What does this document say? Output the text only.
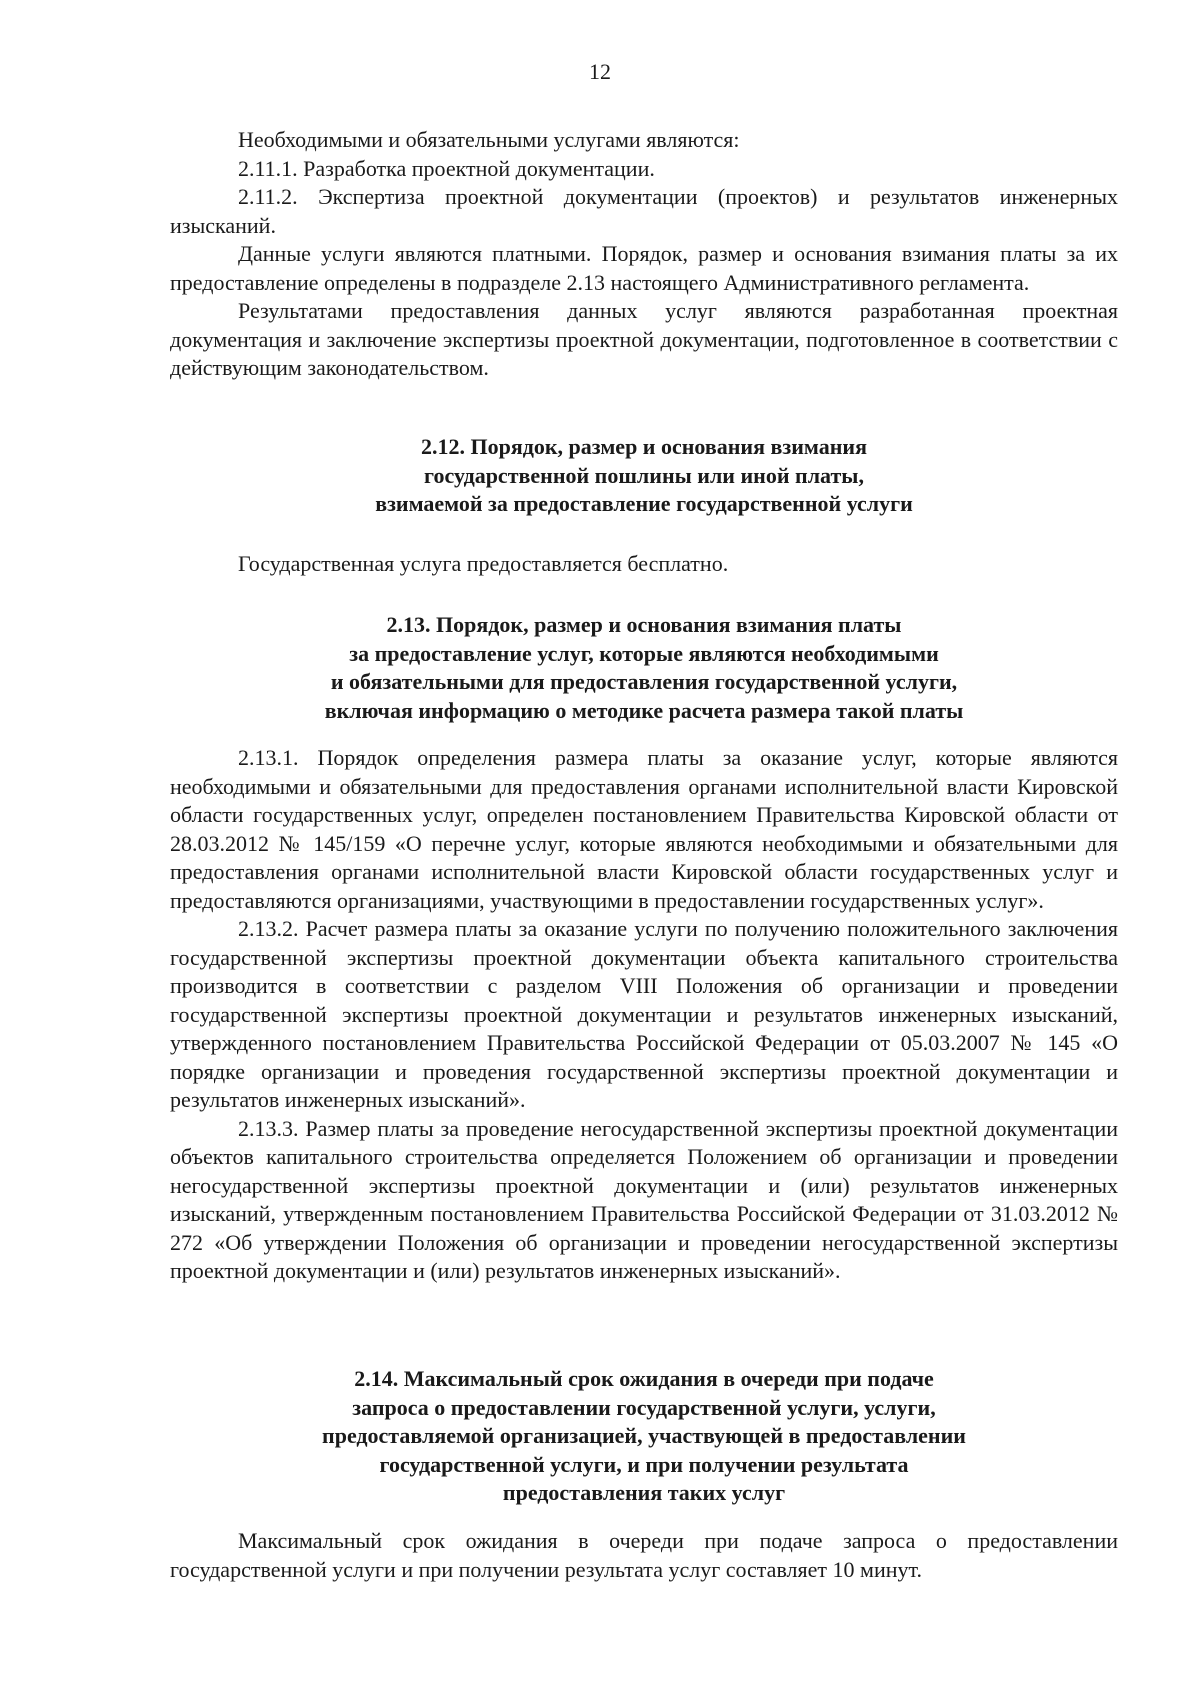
12

Необходимыми и обязательными услугами являются:

2.11.1. Разработка проектной документации.

2.11.2. Экспертиза проектной документации (проектов) и результатов инженерных изысканий.

Данные услуги являются платными. Порядок, размер и основания взимания платы за их предоставление определены в подразделе 2.13 настоящего Административного регламента.

Результатами предоставления данных услуг являются разработанная проектная документация и заключение экспертизы проектной документации, подготовленное в соответствии с действующим законодательством.

2.12. Порядок, размер и основания взимания
государственной пошлины или иной платы,
взимаемой за предоставление государственной услуги

Государственная услуга предоставляется бесплатно.

2.13. Порядок, размер и основания взимания платы
за предоставление услуг, которые являются необходимыми
и обязательными для предоставления государственной услуги,
включая информацию о методике расчета размера такой платы

2.13.1. Порядок определения размера платы за оказание услуг, которые являются необходимыми и обязательными для предоставления органами исполнительной власти Кировской области государственных услуг, определен постановлением Правительства Кировской области от 28.03.2012 № 145/159 «О перечне услуг, которые являются необходимыми и обязательными для предоставления органами исполнительной власти Кировской области государственных услуг и предоставляются организациями, участвующими в предоставлении государственных услуг».

2.13.2. Расчет размера платы за оказание услуги по получению положительного заключения государственной экспертизы проектной документации объекта капитального строительства производится в соответствии с разделом VIII Положения об организации и проведении государственной экспертизы проектной документации и результатов инженерных изысканий, утвержденного постановлением Правительства Российской Федерации от 05.03.2007 № 145 «О порядке организации и проведения государственной экспертизы проектной документации и результатов инженерных изысканий».

2.13.3. Размер платы за проведение негосударственной экспертизы проектной документации объектов капитального строительства определяется Положением об организации и проведении негосударственной экспертизы проектной документации и (или) результатов инженерных изысканий, утвержденным постановлением Правительства Российской Федерации от 31.03.2012 № 272 «Об утверждении Положения об организации и проведении негосударственной экспертизы проектной документации и (или) результатов инженерных изысканий».

2.14. Максимальный срок ожидания в очереди при подаче
запроса о предоставлении государственной услуги, услуги,
предоставляемой организацией, участвующей в предоставлении
государственной услуги, и при получении результата
предоставления таких услуг

Максимальный срок ожидания в очереди при подаче запроса о предоставлении государственной услуги и при получении результата услуг составляет 10 минут.
